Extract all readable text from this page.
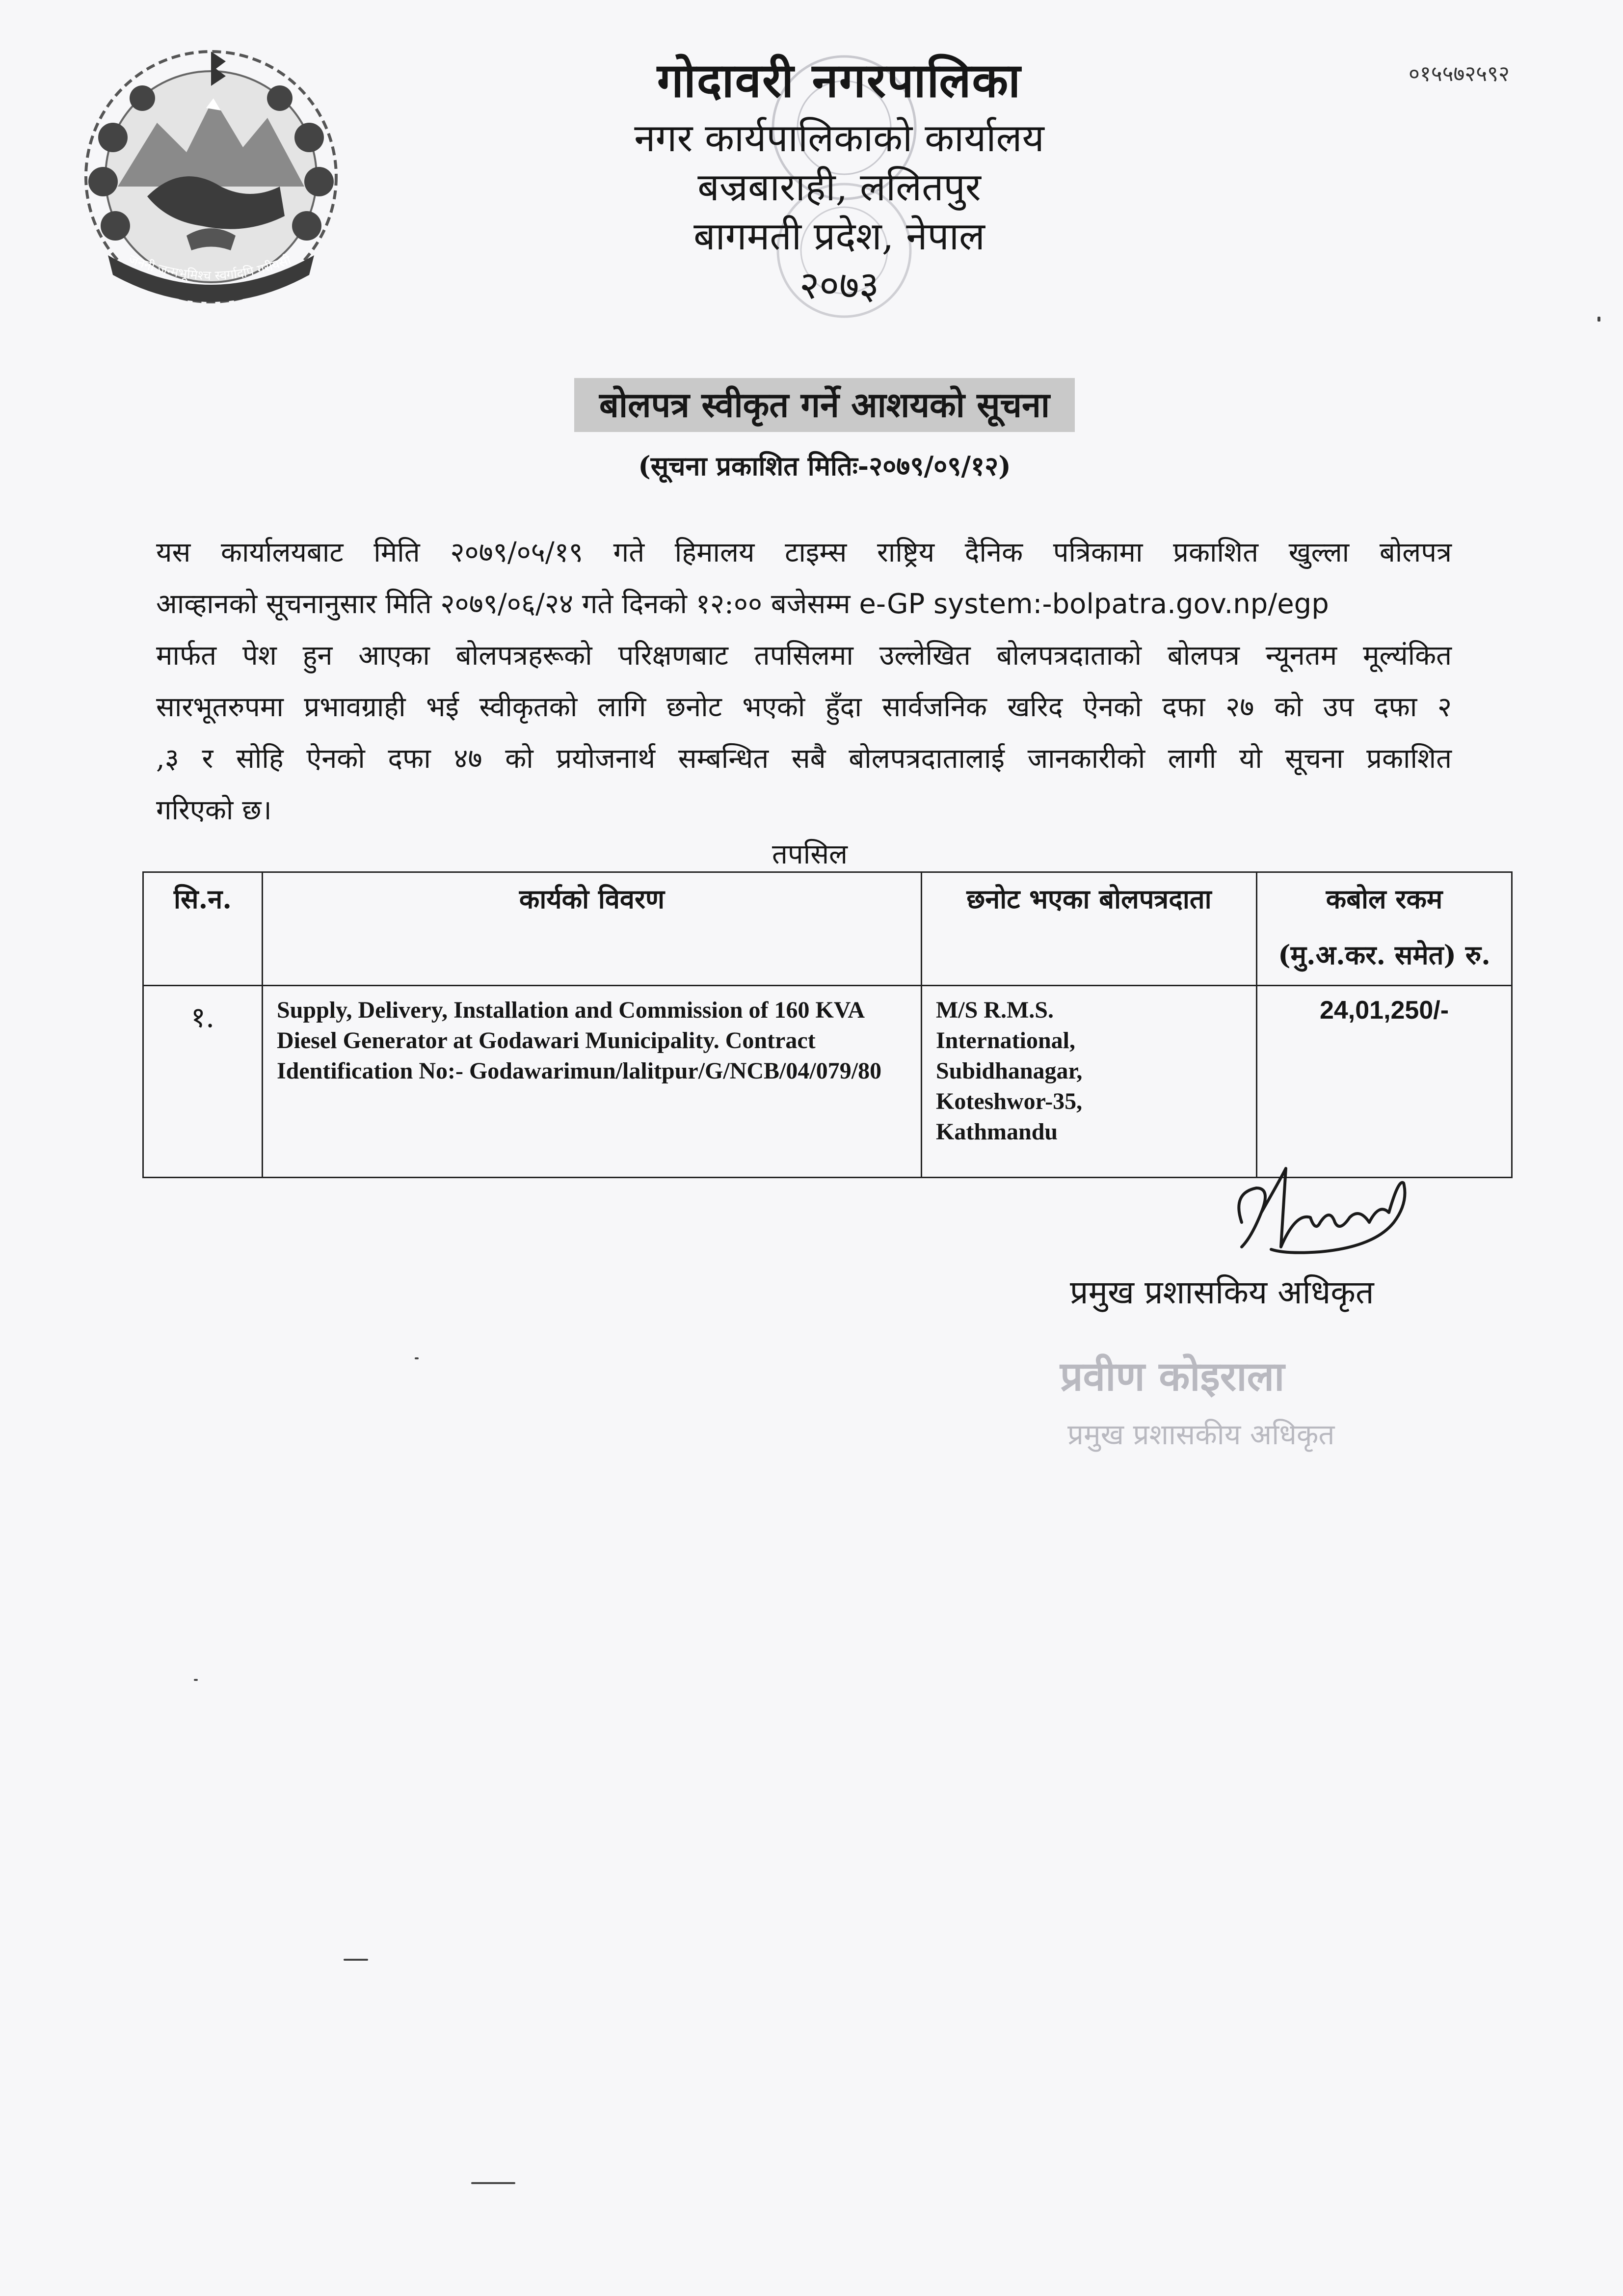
जननी जन्मभूमिश्च स्वर्गादपि गरीयसी
०१५५७२५९२
गोदावरी नगरपालिका
नगर कार्यपालिकाको कार्यालय
बज्रबाराही, ललितपुर
बागमती प्रदेश, नेपाल
२०७३
बोलपत्र स्वीकृत गर्ने आशयको सूचना
(सूचना प्रकाशित मितिः-२०७९/०९/१२)
यस कार्यालयबाट मिति २०७९/०५/१९ गते हिमालय टाइम्स राष्ट्रिय दैनिक पत्रिकामा प्रकाशित खुल्ला बोलपत्र
आव्हानको सूचनानुसार मिति २०७९/०६/२४ गते दिनको १२:०० बजेसम्म e-GP system:-bolpatra.gov.np/egp
मार्फत पेश हुन आएका बोलपत्रहरूको परिक्षणबाट तपसिलमा उल्लेखित बोलपत्रदाताको बोलपत्र न्यूनतम मूल्यंकित
सारभूतरुपमा प्रभावग्राही भई स्वीकृतको लागि छनोट भएको हुँदा सार्वजनिक खरिद ऐनको दफा २७ को उप दफा २
,३ र सोहि ऐनको दफा ४७ को प्रयोजनार्थ सम्बन्धित सबै बोलपत्रदातालाई जानकारीको लागी यो सूचना प्रकाशित
गरिएको छ।
तपसिल
सि.न.	कार्यको विवरण	छनोट भएका बोलपत्रदाता	कबोल रकम
(मु.अ.कर. समेत) रु.

१.	Supply, Delivery, Installation and Commission of 160 KVA Diesel Generator at Godawari Municipality. Contract Identification No:- Godawarimun/lalitpur/G/NCB/04/079/80	M/S R.M.S.
International,
Subidhanagar,
Koteshwor-35,
Kathmandu	24,01,250/-
प्रमुख प्रशासकिय अधिकृत
प्रवीण कोइराला
प्रमुख प्रशासकीय अधिकृत
